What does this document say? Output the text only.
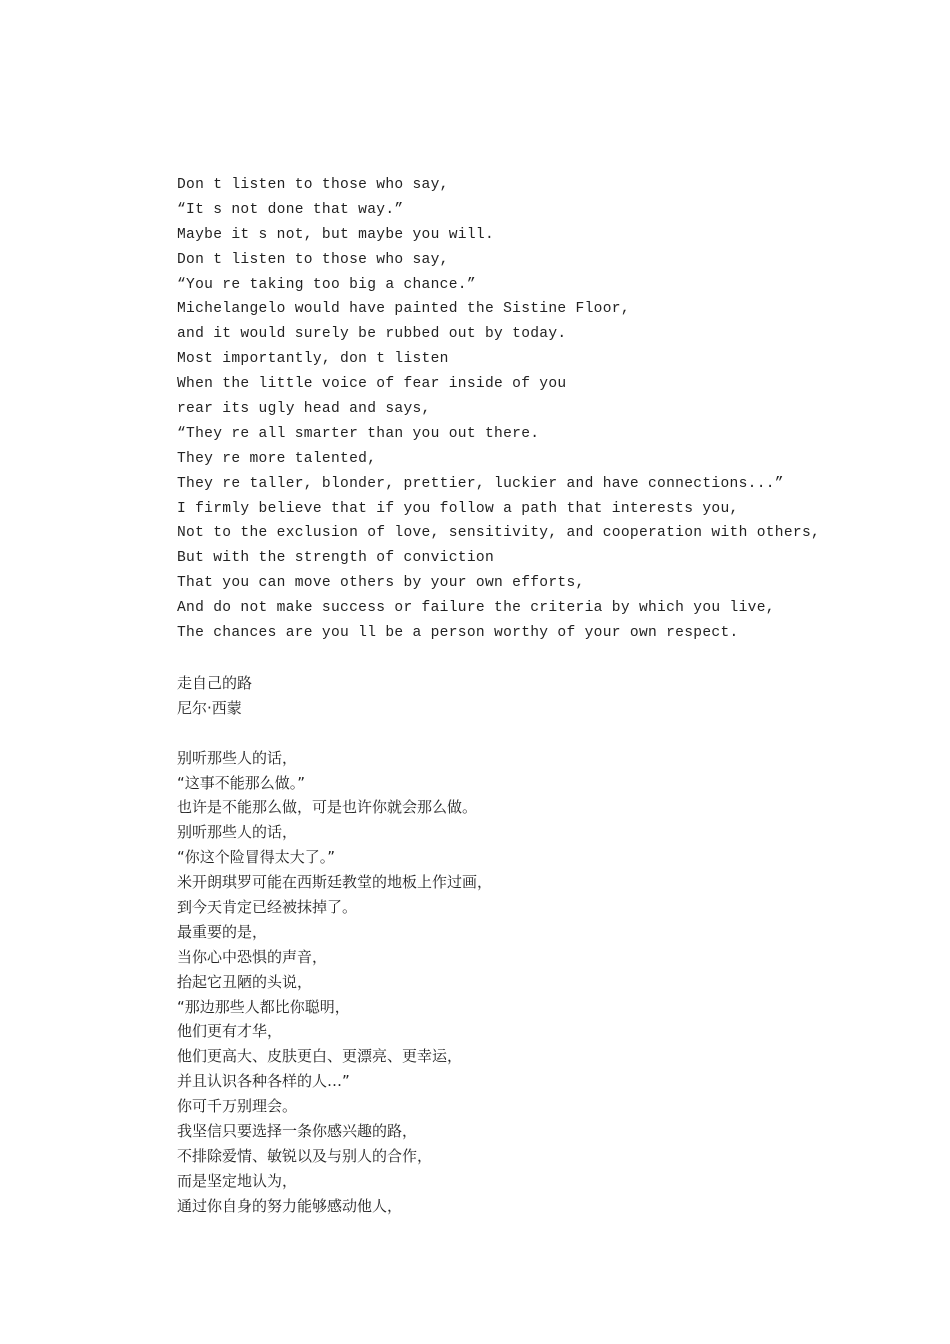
Don t listen to those who say,
“It s not done that way.”
Maybe it s not, but maybe you will.
Don t listen to those who say,
“You re taking too big a chance.”
Michelangelo would have painted the Sistine Floor,
and it would surely be rubbed out by today.
Most importantly, don t listen
When the little voice of fear inside of you
rear its ugly head and says,
“They re all smarter than you out there.
They re more talented,
They re taller, blonder, prettier, luckier and have connections...”
I firmly believe that if you follow a path that interests you,
Not to the exclusion of love, sensitivity, and cooperation with others,
But with the strength of conviction
That you can move others by your own efforts,
And do not make success or failure the criteria by which you live,
The chances are you ll be a person worthy of your own respect.
走自己的路
尼尔·西蒙
别听那些人的话，
“这事不能那么做。”
也许是不能那么做，可是也许你就会那么做。
别听那些人的话，
“你这个险冒得太大了。”
米开朗琪罗可能在西斯廷教堂的地板上作过画，
到今天肯定已经被抹掉了。
最重要的是，
当你心中恐惧的声音，
抬起它丑陋的头说，
“那边那些人都比你聪明，
他们更有才华，
他们更高大、皮肤更白、更漂亮、更幸运，
并且认识各种各样的人…”
你可千万别理会。
我坚信只要选择一条你感兴趣的路，
不排除爱情、敏锐以及与别人的合作，
而是坚定地认为，
通过你自身的努力能够感动他人，
